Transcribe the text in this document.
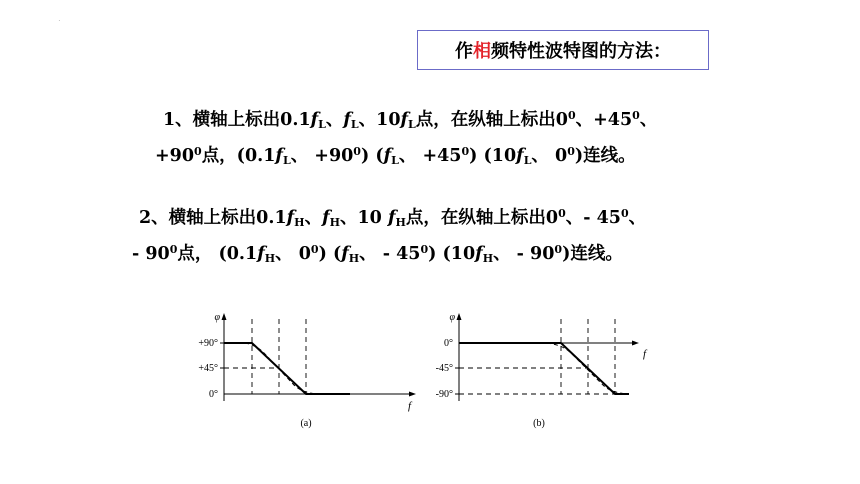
·
作 相 频特性波特图的方法：
1、横轴上标出$0.1f_L$、$f_L$、$10f_L$点，在纵轴上标出$0^0$、$+45^0$、
$+90^0$点，($0.1f_L$、 $+90^0$) ($f_L$、 $+45^0$) ($10f_L$、 $0^0$)连线。
2、横轴上标出$0.1f_H$、$f_H$、10 $f_H$点，在纵轴上标出$0^0$、- $45^0$、
- $90^0$点， ($0.1f_H$、 $0^0$) ($f_H$、 - $45^0$) ($10f_H$、 - $90^0$)连线。
φ
+90°
+45°
0°
f
(a)
φ
0°
-45°
-90°
f
(b)
